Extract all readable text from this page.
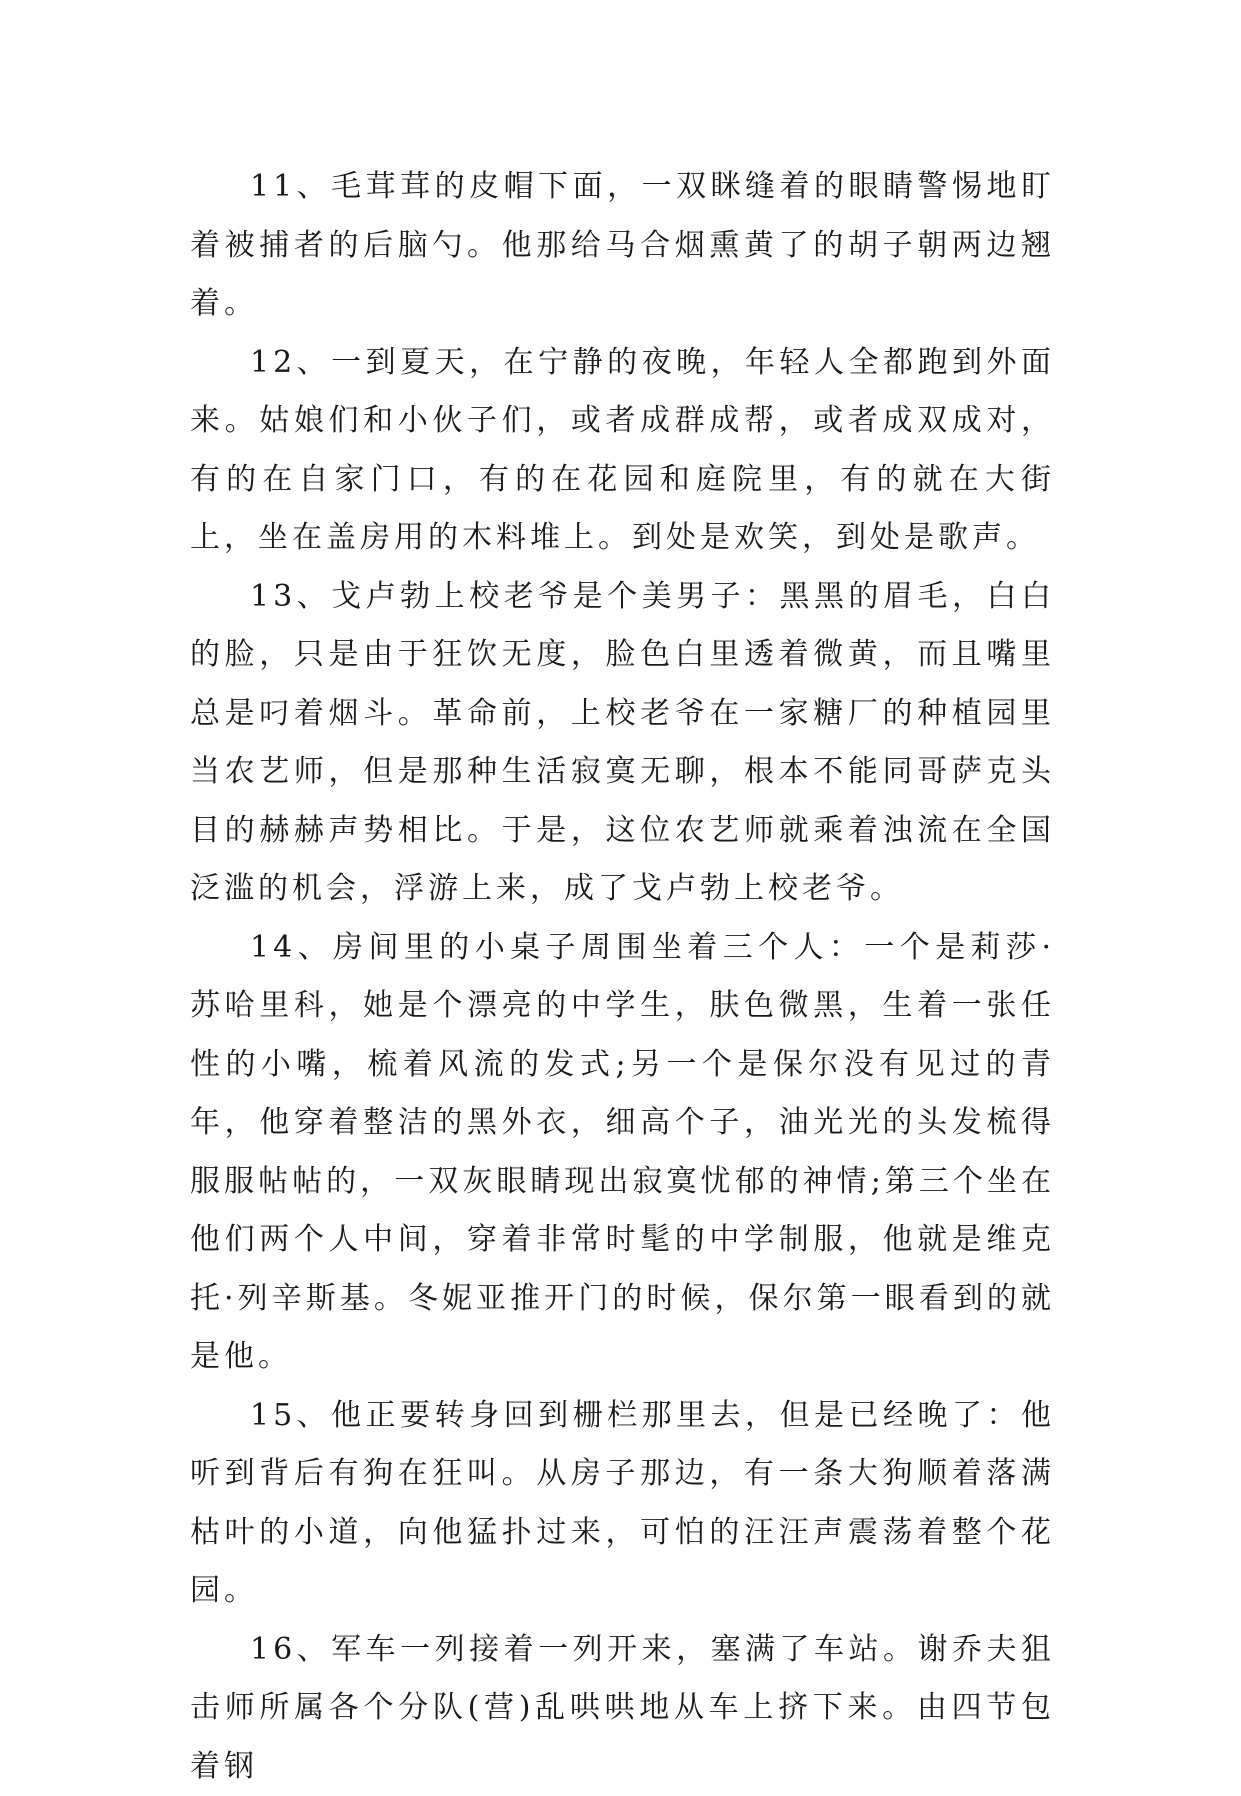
11、毛茸茸的皮帽下面，一双眯缝着的眼睛警惕地盯着被捕者的后脑勺。他那给马合烟熏黄了的胡子朝两边翘着。

12、一到夏天，在宁静的夜晚，年轻人全都跑到外面来。姑娘们和小伙子们，或者成群成帮，或者成双成对，有的在自家门口，有的在花园和庭院里，有的就在大街上，坐在盖房用的木料堆上。到处是欢笑，到处是歌声。

13、戈卢勃上校老爷是个美男子：黑黑的眉毛，白白的脸，只是由于狂饮无度，脸色白里透着微黄，而且嘴里总是叼着烟斗。革命前，上校老爷在一家糖厂的种植园里当农艺师，但是那种生活寂寞无聊，根本不能同哥萨克头目的赫赫声势相比。于是，这位农艺师就乘着浊流在全国泛滥的机会，浮游上来，成了戈卢勃上校老爷。

14、房间里的小桌子周围坐着三个人：一个是莉莎·苏哈里科，她是个漂亮的中学生，肤色微黑，生着一张任性的小嘴，梳着风流的发式;另一个是保尔没有见过的青年，他穿着整洁的黑外衣，细高个子，油光光的头发梳得服服帖帖的，一双灰眼睛现出寂寞忧郁的神情;第三个坐在他们两个人中间，穿着非常时髦的中学制服，他就是维克托·列辛斯基。冬妮亚推开门的时候，保尔第一眼看到的就是他。

15、他正要转身回到栅栏那里去，但是已经晚了：他听到背后有狗在狂叫。从房子那边，有一条大狗顺着落满枯叶的小道，向他猛扑过来，可怕的汪汪声震荡着整个花园。

16、军车一列接着一列开来，塞满了车站。谢乔夫狙击师所属各个分队(营)乱哄哄地从车上挤下来。由四节包着钢
